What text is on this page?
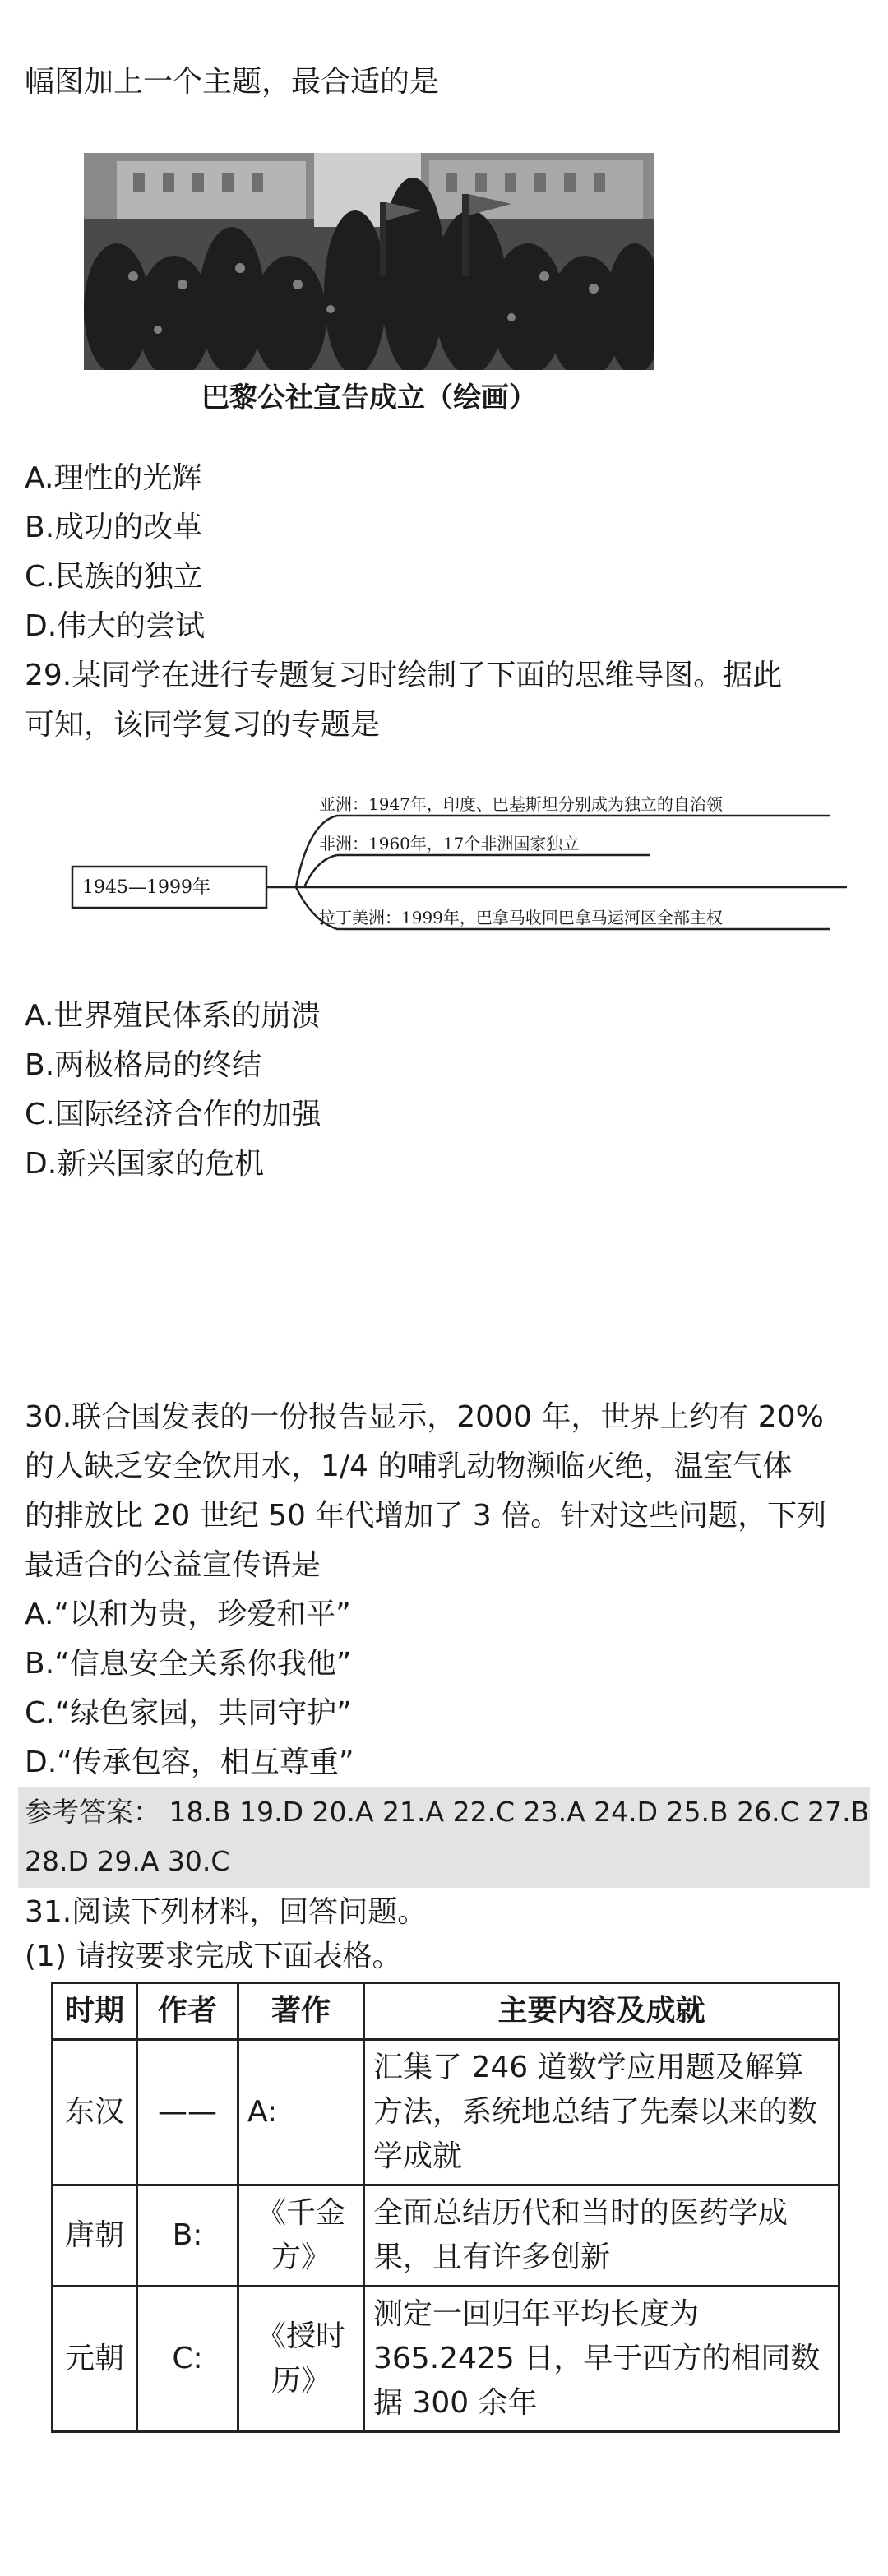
幅图加上一个主题，最合适的是
巴黎公社宣告成立（绘画）
A.理性的光辉
B.成功的改革
C.民族的独立
D.伟大的尝试
29.某同学在进行专题复习时绘制了下面的思维导图。据此
可知，该同学复习的专题是
1945—1999年
亚洲：1947年，印度、巴基斯坦分别成为独立的自治领
非洲：1960年，17个非洲国家独立
拉丁美洲：1999年，巴拿马收回巴拿马运河区全部主权
A.世界殖民体系的崩溃
B.两极格局的终结
C.国际经济合作的加强
D.新兴国家的危机
30.联合国发表的一份报告显示，2000 年，世界上约有 20%
的人缺乏安全饮用水，1/4 的哺乳动物濒临灭绝，温室气体
的排放比 20 世纪 50 年代增加了 3 倍。针对这些问题，下列
最适合的公益宣传语是
A.“以和为贵，珍爱和平”
B.“信息安全关系你我他”
C.“绿色家园，共同守护”
D.“传承包容，相互尊重”
参考答案： 18.B 19.D 20.A 21.A 22.C 23.A 24.D 25.B 26.C 27.B
28.D 29.A 30.C
31.阅读下列材料，回答问题。
(1) 请按要求完成下面表格。
时期	作者	著作	主要内容及成就
东汉	——	A:	汇集了 246 道数学应用题及解算方法，系统地总结了先秦以来的数学成就
唐朝	B:	《千金方》	全面总结历代和当时的医药学成果，且有许多创新
元朝	C:	《授时历》	测定一回归年平均长度为 365.2425 日，早于西方的相同数据 300 余年
